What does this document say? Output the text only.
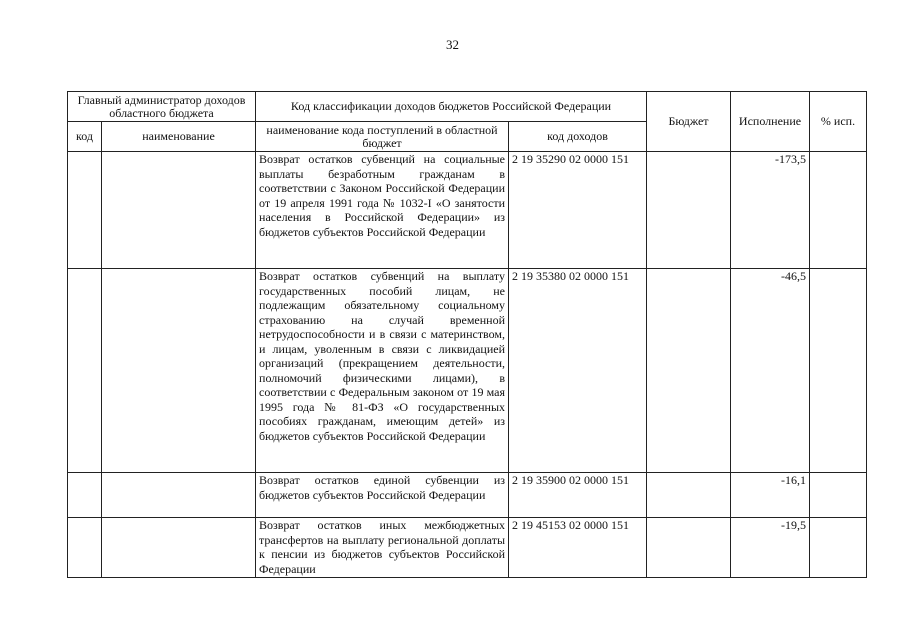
32
Главный администратор доходов областного бюджета		Код классификации доходов бюджетов Российской Федерации		Бюджет	Исполнение	% исп.
код	наименование	наименование кода поступлений в областной бюджет	код доходов			
		Возврат остатков субвенций на социальные выплаты безработным гражданам в соответствии с Законом Российской Федерации от 19 апреля 1991 года № 1032-I «О занятости населения в Российской Федерации» из бюджетов субъектов Российской Федерации	2 19 35290 02 0000 151		-173,5	
		Возврат остатков субвенций на выплату государственных пособий лицам, не подлежащим обязательному социальному страхованию на случай временной нетрудоспособности и в связи с материнством, и лицам, уволенным в связи с ликвидацией организаций (прекращением деятельности, полномочий физическими лицами), в соответствии с Федеральным законом от 19 мая 1995 года № 81-ФЗ «О государственных пособиях гражданам, имеющим детей» из бюджетов субъектов Российской Федерации	2 19 35380 02 0000 151		-46,5	
		Возврат остатков единой субвенции из бюджетов субъектов Российской Федерации	2 19 35900 02 0000 151		-16,1	
		Возврат остатков иных межбюджетных трансфертов на выплату региональной доплаты к пенсии из бюджетов субъектов Российской Федерации	2 19 45153 02 0000 151		-19,5	
